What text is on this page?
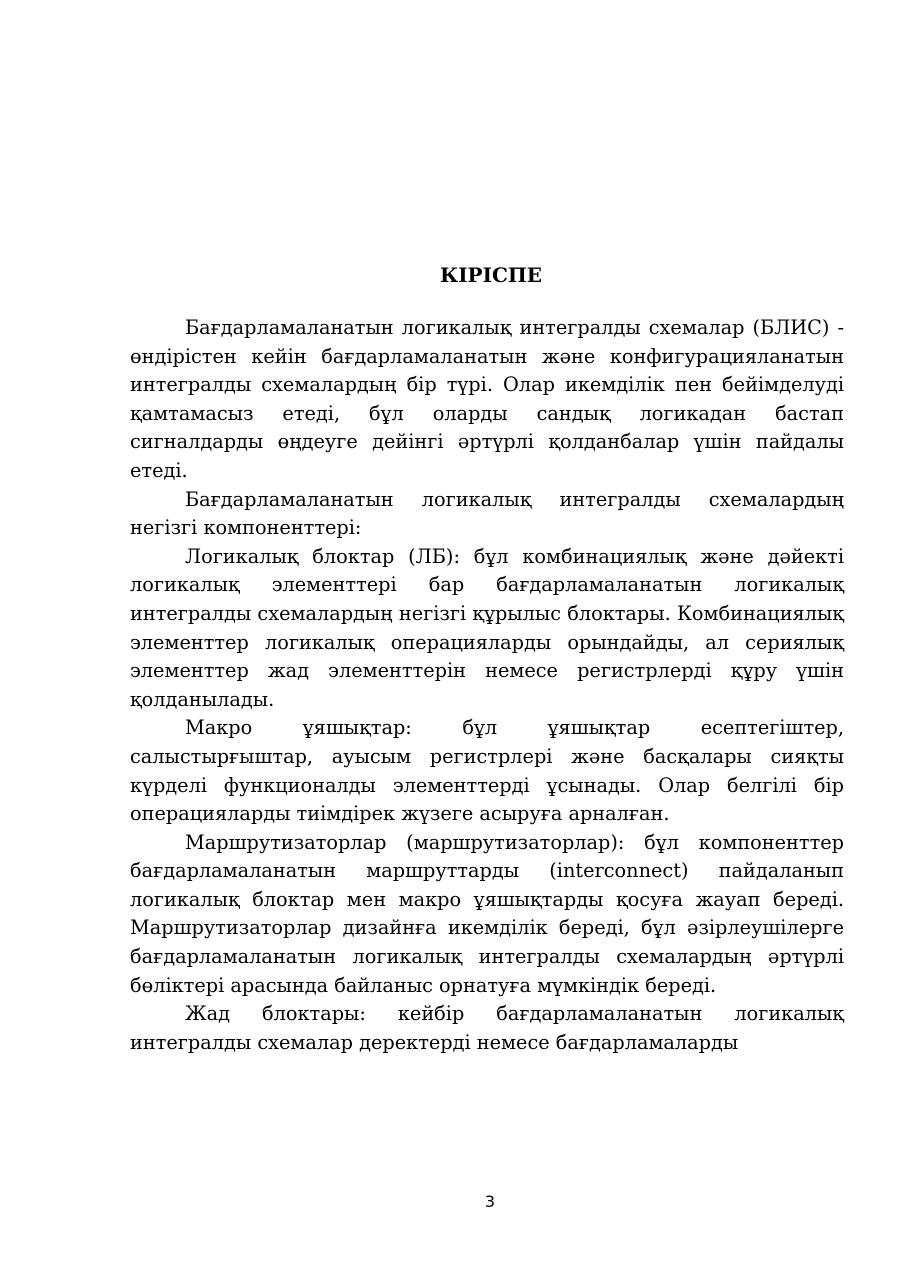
КІРІСПЕ

Бағдарламаланатын логикалық интегралды схемалар (БЛИС) - өндірістен кейін бағдарламаланатын және конфигурацияланатын интегралды схемалардың бір түрі. Олар икемділік пен бейімделуді қамтамасыз етеді, бұл оларды сандық логикадан бастап сигналдарды өңдеуге дейінгі әртүрлі қолданбалар үшін пайдалы етеді.

Бағдарламаланатын логикалық интегралды схемалардың негізгі компоненттері:

Логикалық блоктар (ЛБ): бұл комбинациялық және дәйекті логикалық элементтері бар бағдарламаланатын логикалық интегралды схемалардың негізгі құрылыс блоктары. Комбинациялық элементтер логикалық операцияларды орындайды, ал сериялық элементтер жад элементтерін немесе регистрлерді құру үшін қолданылады.

Макро ұяшықтар: бұл ұяшықтар есептегіштер, салыстырғыштар, ауысым регистрлері және басқалары сияқты күрделі функционалды элементтерді ұсынады. Олар белгілі бір операцияларды тиімдірек жүзеге асыруға арналған.

Маршрутизаторлар (маршрутизаторлар): бұл компоненттер бағдарламаланатын маршруттарды (interconnect) пайдаланып логикалық блоктар мен макро ұяшықтарды қосуға жауап береді. Маршрутизаторлар дизайнға икемділік береді, бұл әзірлеушілерге бағдарламаланатын логикалық интегралды схемалардың әртүрлі бөліктері арасында байланыс орнатуға мүмкіндік береді.

Жад блоктары: кейбір бағдарламаланатын логикалық интегралды схемалар деректерді немесе бағдарламаларды

3
